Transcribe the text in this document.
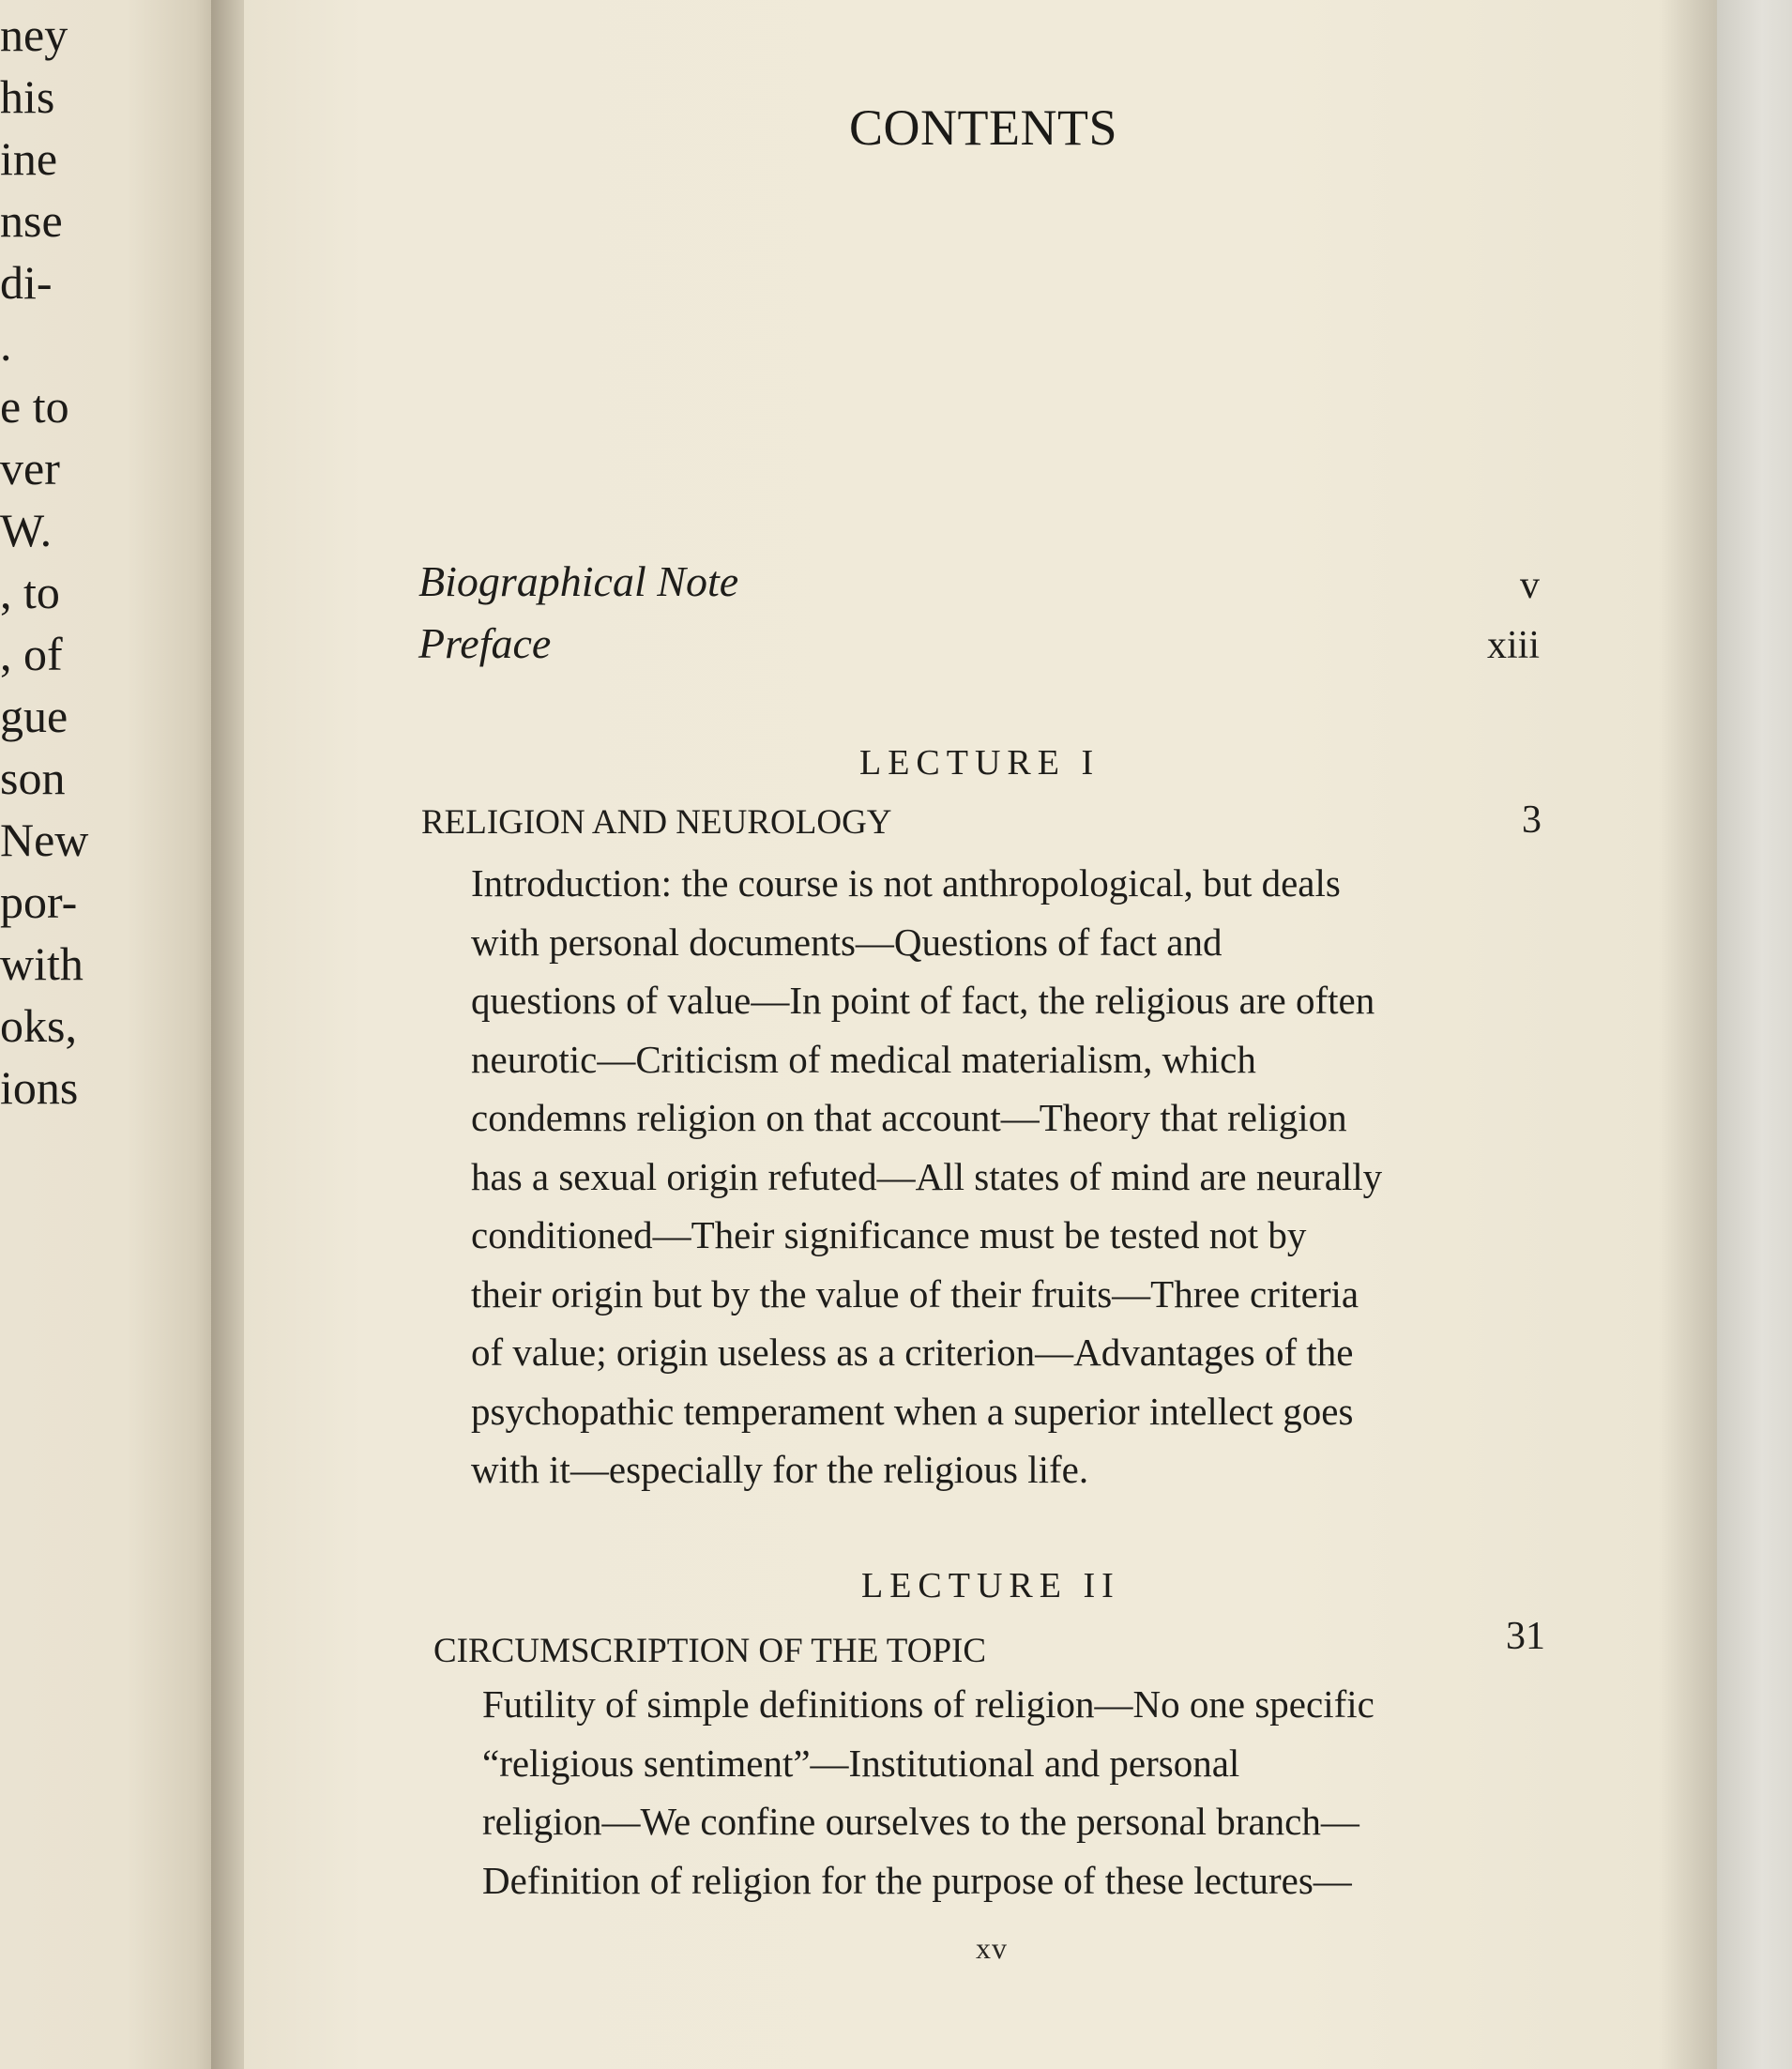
ney
his
ine
nse
di-
.
e to
ver
W.
, to
, of
gue
son
New
por-
with
oks,
ions
CONTENTS
Biographical Note	v
Preface	xiii
LECTURE I
RELIGION AND NEUROLOGY	3
Introduction: the course is not anthropological, but deals
with personal documents—Questions of fact and
questions of value—In point of fact, the religious are often
neurotic—Criticism of medical materialism, which
condemns religion on that account—Theory that religion
has a sexual origin refuted—All states of mind are neurally
conditioned—Their significance must be tested not by
their origin but by the value of their fruits—Three criteria
of value; origin useless as a criterion—Advantages of the
psychopathic temperament when a superior intellect goes
with it—especially for the religious life.
LECTURE II
CIRCUMSCRIPTION OF THE TOPIC	31
Futility of simple definitions of religion—No one specific
“religious sentiment”—Institutional and personal
religion—We confine ourselves to the personal branch—
Definition of religion for the purpose of these lectures—
xv
